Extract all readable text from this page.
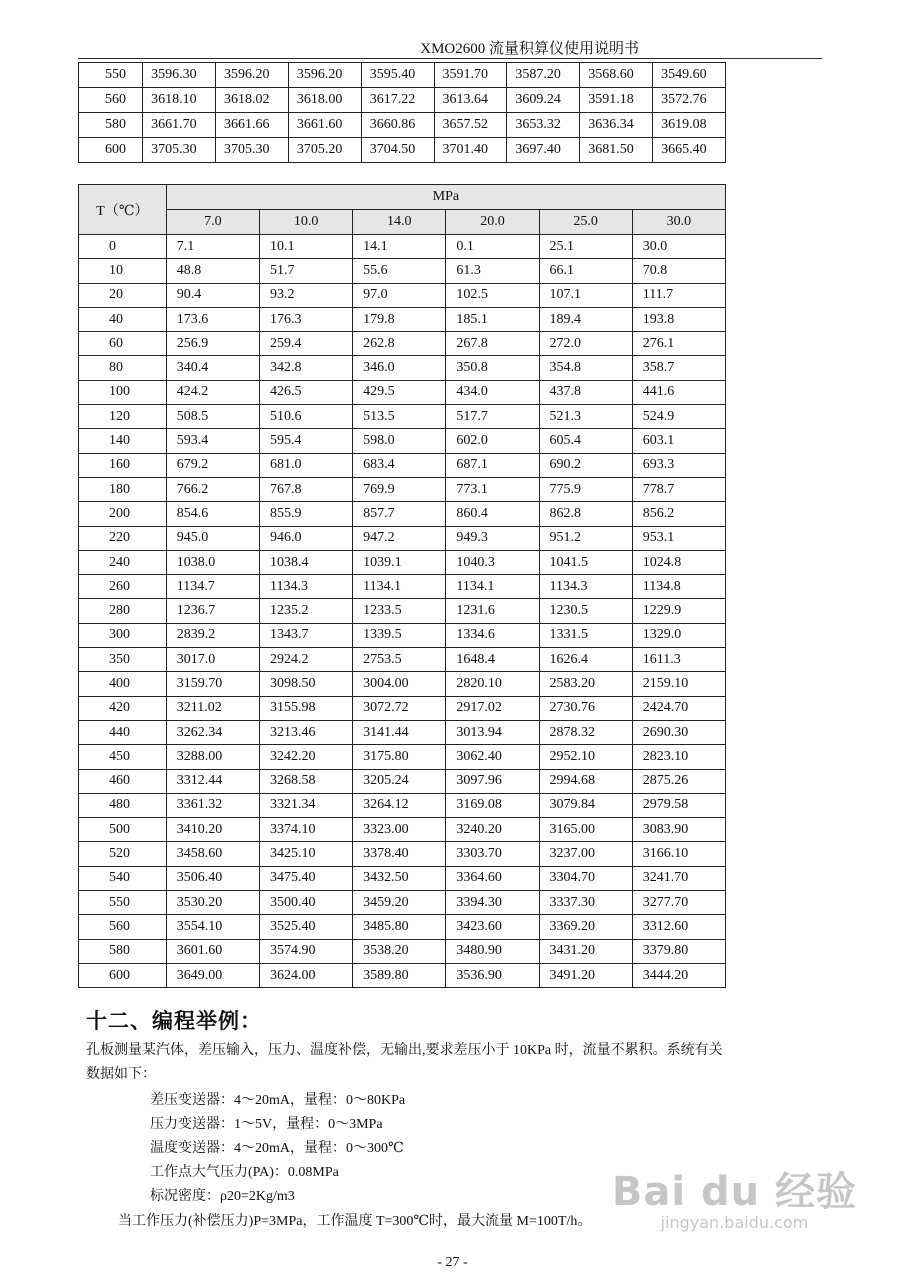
XMO2600 流量积算仪使用说明书
550	3596.30	3596.20	3596.20	3595.40	3591.70	3587.20	3568.60	3549.60
560	3618.10	3618.02	3618.00	3617.22	3613.64	3609.24	3591.18	3572.76
580	3661.70	3661.66	3661.60	3660.86	3657.52	3653.32	3636.34	3619.08
600	3705.30	3705.30	3705.20	3704.50	3701.40	3697.40	3681.50	3665.40
T（℃）	MPa					
	7.0	10.0	14.0	20.0	25.0	30.0
0	7.1	10.1	14.1	0.1	25.1	30.0
10	48.8	51.7	55.6	61.3	66.1	70.8
20	90.4	93.2	97.0	102.5	107.1	111.7
40	173.6	176.3	179.8	185.1	189.4	193.8
60	256.9	259.4	262.8	267.8	272.0	276.1
80	340.4	342.8	346.0	350.8	354.8	358.7
100	424.2	426.5	429.5	434.0	437.8	441.6
120	508.5	510.6	513.5	517.7	521.3	524.9
140	593.4	595.4	598.0	602.0	605.4	603.1
160	679.2	681.0	683.4	687.1	690.2	693.3
180	766.2	767.8	769.9	773.1	775.9	778.7
200	854.6	855.9	857.7	860.4	862.8	856.2
220	945.0	946.0	947.2	949.3	951.2	953.1
240	1038.0	1038.4	1039.1	1040.3	1041.5	1024.8
260	1134.7	1134.3	1134.1	1134.1	1134.3	1134.8
280	1236.7	1235.2	1233.5	1231.6	1230.5	1229.9
300	2839.2	1343.7	1339.5	1334.6	1331.5	1329.0
350	3017.0	2924.2	2753.5	1648.4	1626.4	1611.3
400	3159.70	3098.50	3004.00	2820.10	2583.20	2159.10
420	3211.02	3155.98	3072.72	2917.02	2730.76	2424.70
440	3262.34	3213.46	3141.44	3013.94	2878.32	2690.30
450	3288.00	3242.20	3175.80	3062.40	2952.10	2823.10
460	3312.44	3268.58	3205.24	3097.96	2994.68	2875.26
480	3361.32	3321.34	3264.12	3169.08	3079.84	2979.58
500	3410.20	3374.10	3323.00	3240.20	3165.00	3083.90
520	3458.60	3425.10	3378.40	3303.70	3237.00	3166.10
540	3506.40	3475.40	3432.50	3364.60	3304.70	3241.70
550	3530.20	3500.40	3459.20	3394.30	3337.30	3277.70
560	3554.10	3525.40	3485.80	3423.60	3369.20	3312.60
580	3601.60	3574.90	3538.20	3480.90	3431.20	3379.80
600	3649.00	3624.00	3589.80	3536.90	3491.20	3444.20
十二、编程举例：
孔板测量某汽体，差压输入，压力、温度补偿，无输出,要求差压小于 10KPa 时，流量不累积。系统有关
数据如下：
差压变送器：4～20mA，量程：0～80KPa
压力变送器：1～5V，量程：0～3MPa
温度变送器：4～20mA，量程：0～300℃
工作点大气压力(PA)：0.08MPa
标况密度：ρ20=2Kg/m3
当工作压力(补偿压力)P=3MPa，工作温度 T=300℃时，最大流量 M=100T/h。
Bai du 经验
jingyan.baidu.com
- 27 -
